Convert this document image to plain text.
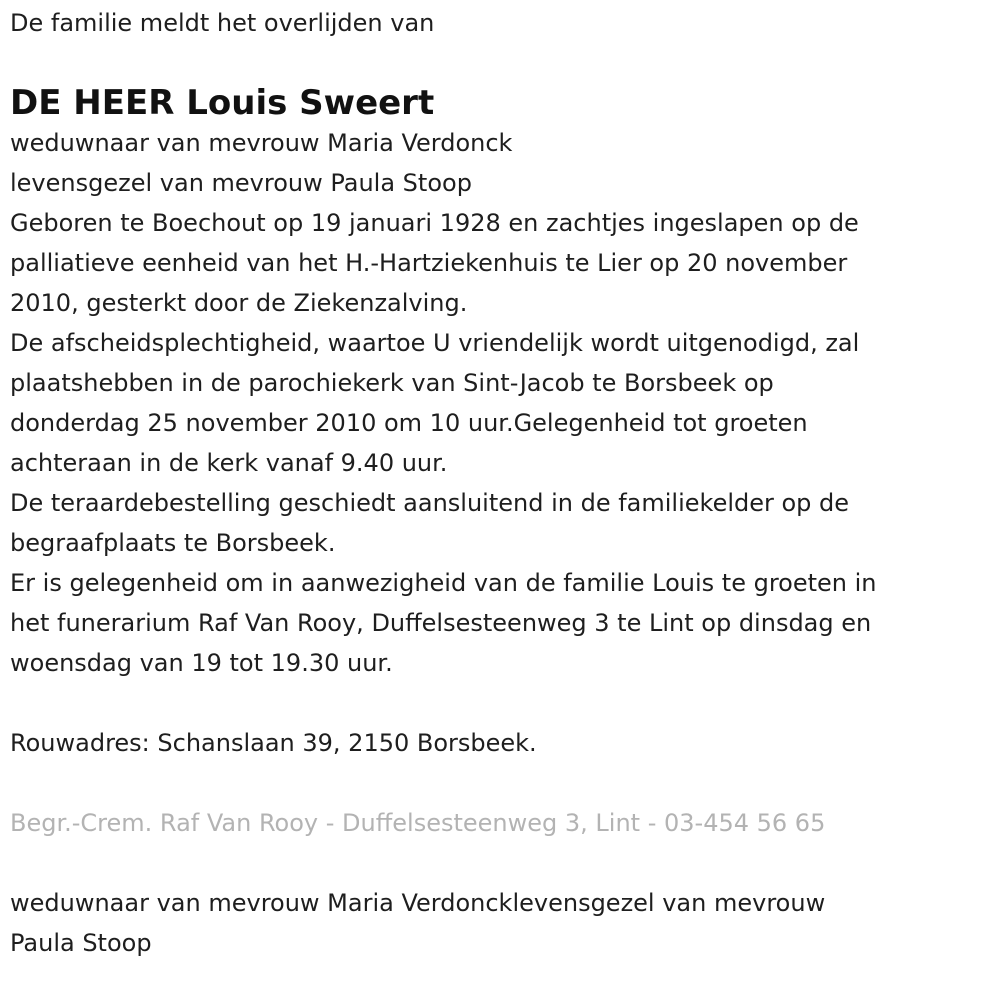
De familie meldt het overlijden van
DE HEER Louis Sweert
weduwnaar van mevrouw Maria Verdonck
levensgezel van mevrouw Paula Stoop
Geboren te Boechout op 19 januari 1928 en zachtjes ingeslapen op de
palliatieve eenheid van het H.-Hartziekenhuis te Lier op 20 november
2010, gesterkt door de Ziekenzalving.
De afscheidsplechtigheid, waartoe U vriendelijk wordt uitgenodigd, zal
plaatshebben in de parochiekerk van Sint-Jacob te Borsbeek op
donderdag 25 november 2010 om 10 uur.Gelegenheid tot groeten
achteraan in de kerk vanaf 9.40 uur.
De teraardebestelling geschiedt aansluitend in de familiekelder op de
begraafplaats te Borsbeek.
Er is gelegenheid om in aanwezigheid van de familie Louis te groeten in
het funerarium Raf Van Rooy, Duffelsesteenweg 3 te Lint op dinsdag en
woensdag van 19 tot 19.30 uur.
Rouwadres: Schanslaan 39, 2150 Borsbeek.
Begr.-Crem. Raf Van Rooy - Duffelsesteenweg 3, Lint - 03-454 56 65
weduwnaar van mevrouw Maria Verdoncklevensgezel van mevrouw
Paula Stoop
